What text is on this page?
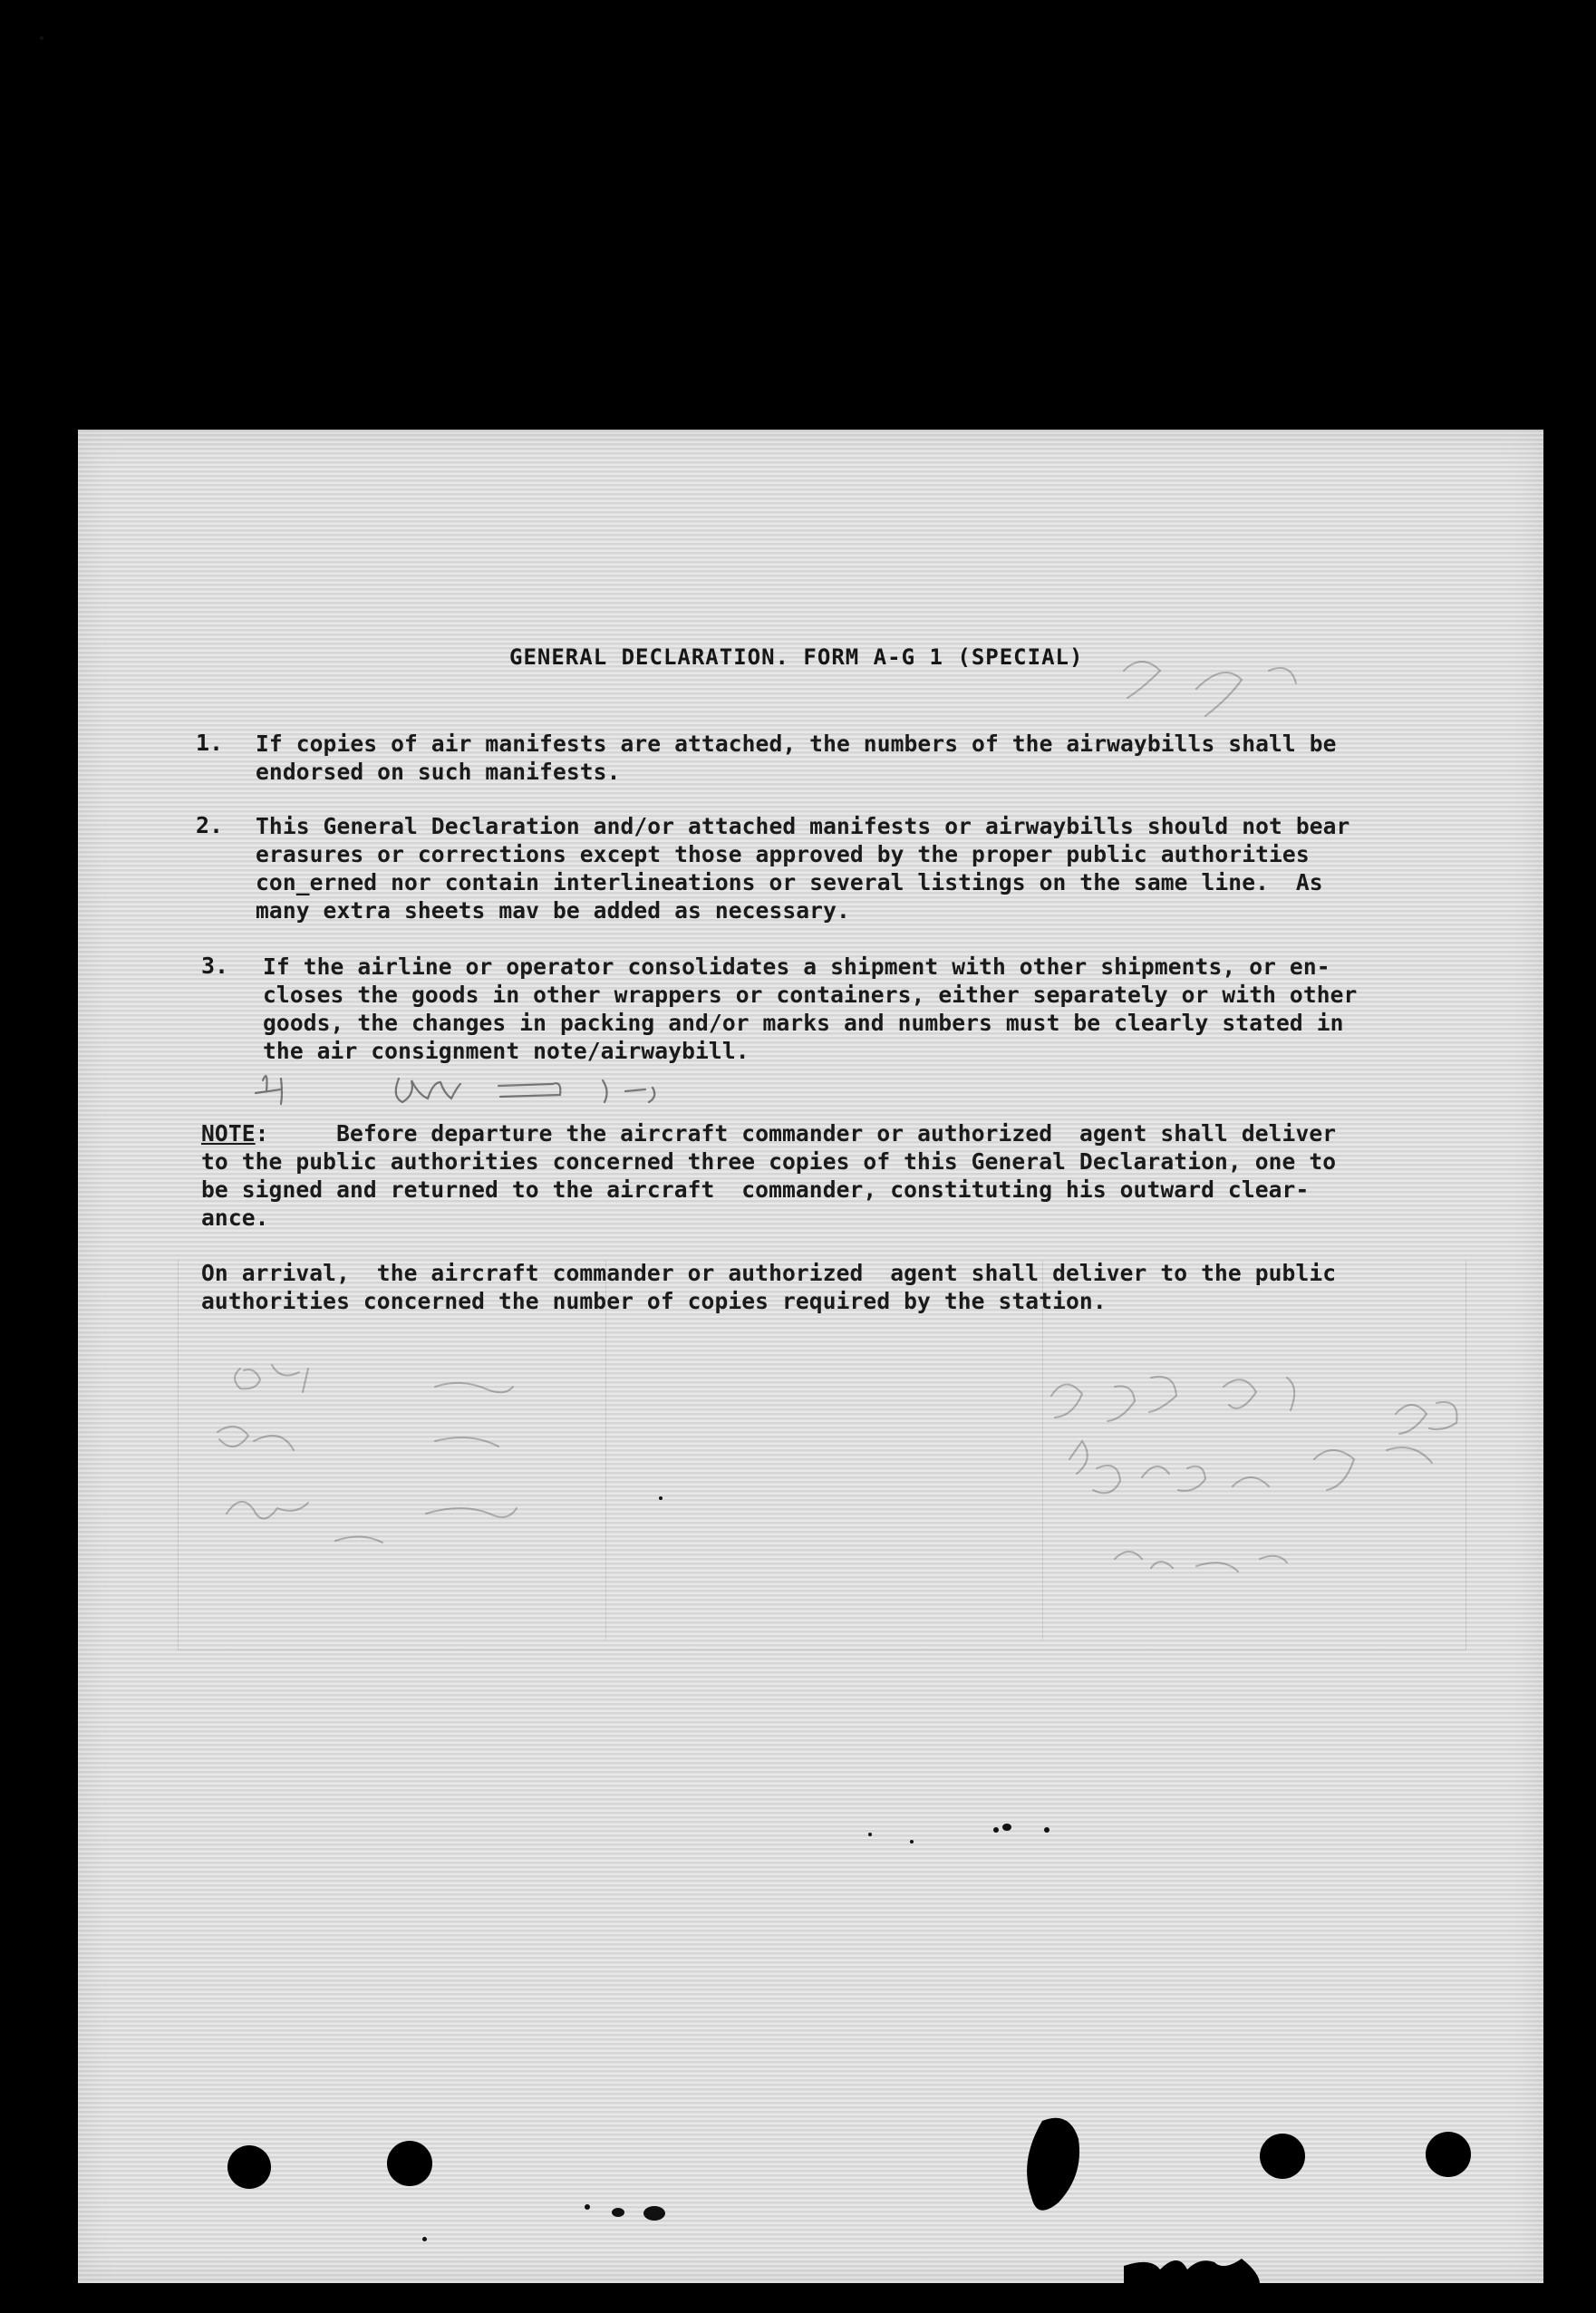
GENERAL DECLARATION. FORM A-G 1 (SPECIAL)
1. If copies of air manifests are attached, the numbers of the airwaybills shall be
endorsed on such manifests.
2. This General Declaration and/or attached manifests or airwaybills should not bear
erasures or corrections except those approved by the proper public authorities
con_erned nor contain interlineations or several listings on the same line.  As
many extra sheets mav be added as necessary.
3. If the airline or operator consolidates a shipment with other shipments, or en-
closes the goods in other wrappers or containers, either separately or with other
goods, the changes in packing and/or marks and numbers must be clearly stated in
the air consignment note/airwaybill.
NOTE:     Before departure the aircraft commander or authorized  agent shall deliver
to the public authorities concerned three copies of this General Declaration, one to
be signed and returned to the aircraft  commander, constituting his outward clear-
ance.
On arrival,  the aircraft commander or authorized  agent shall deliver to the public
authorities concerned the number of copies required by the station.
